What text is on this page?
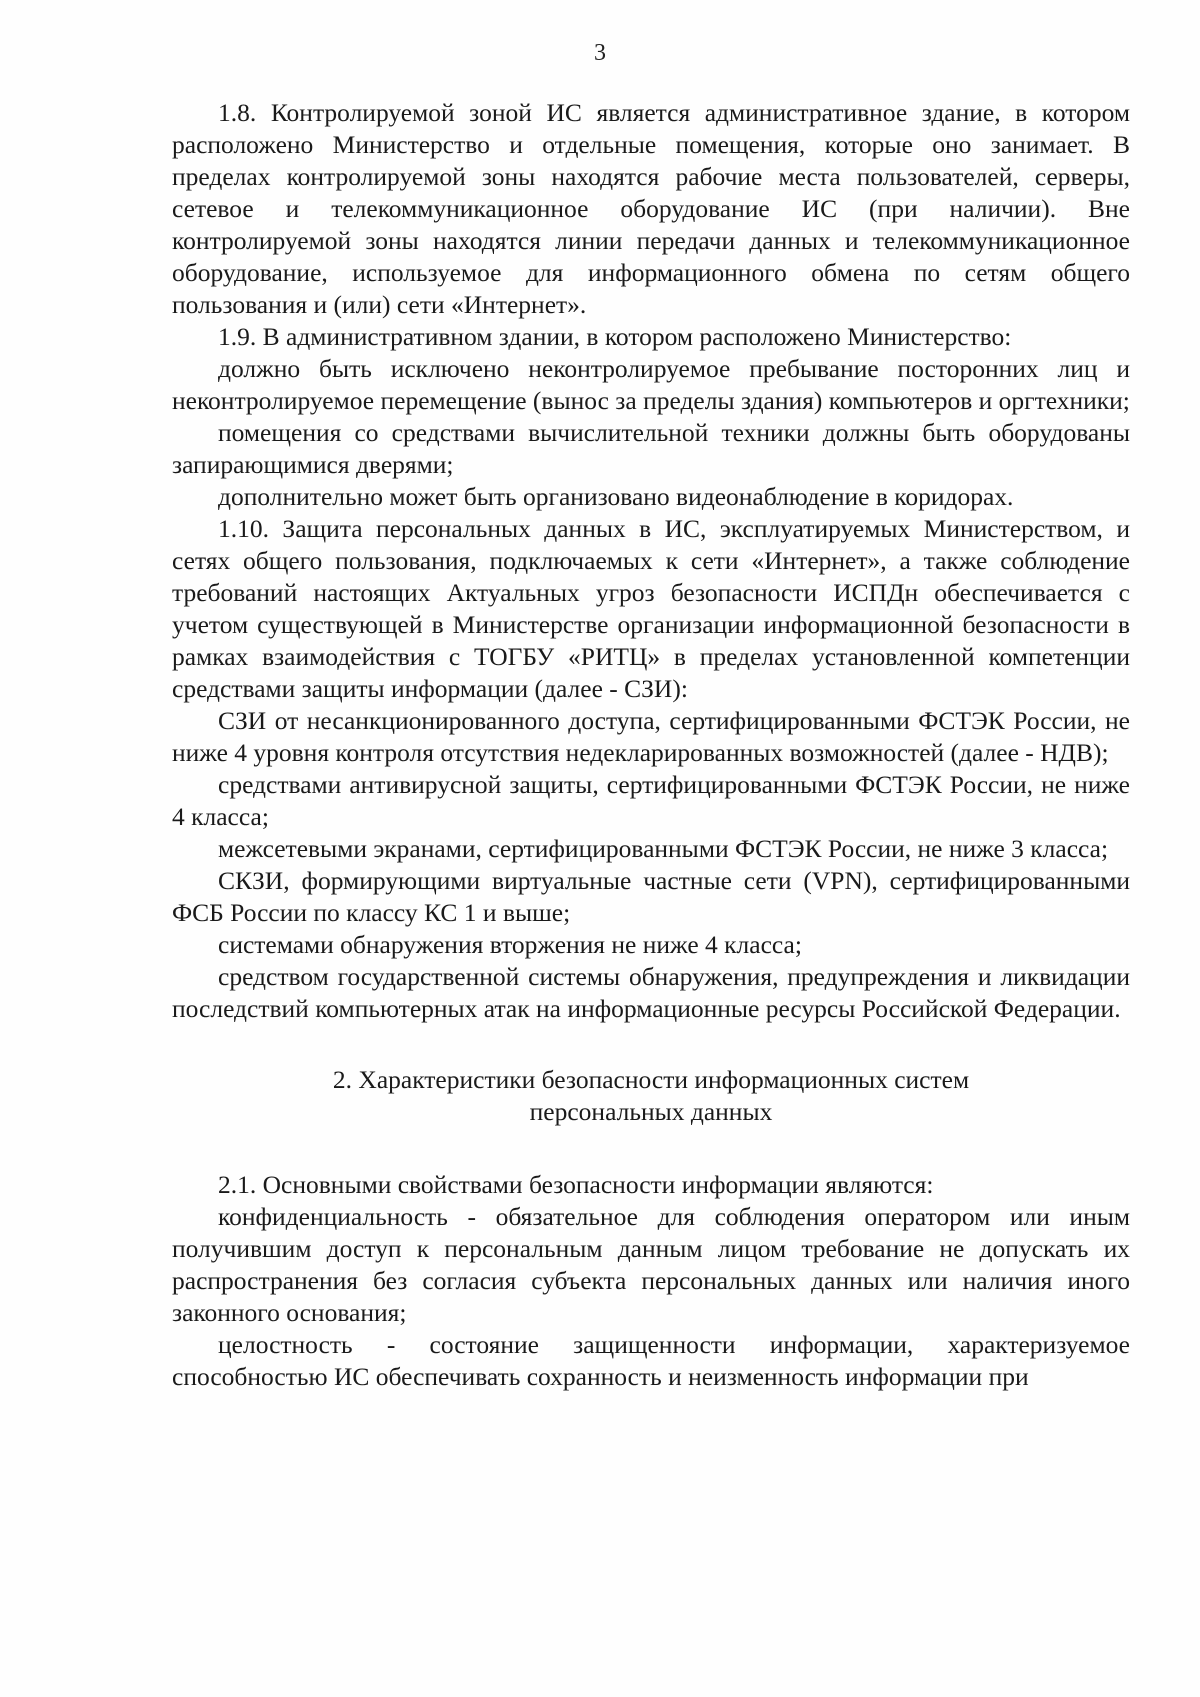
3

1.8. Контролируемой зоной ИС является административное здание, в котором расположено Министерство и отдельные помещения, которые оно занимает. В пределах контролируемой зоны находятся рабочие места пользователей, серверы, сетевое и телекоммуникационное оборудование ИС (при наличии). Вне контролируемой зоны находятся линии передачи данных и телекоммуникационное оборудование, используемое для информационного обмена по сетям общего пользования и (или) сети «Интернет».

1.9. В административном здании, в котором расположено Министерство:

должно быть исключено неконтролируемое пребывание посторонних лиц и неконтролируемое перемещение (вынос за пределы здания) компьютеров и оргтехники;

помещения со средствами вычислительной техники должны быть оборудованы запирающимися дверями;

дополнительно может быть организовано видеонаблюдение в коридорах.

1.10. Защита персональных данных в ИС, эксплуатируемых Министерством, и сетях общего пользования, подключаемых к сети «Интернет», а также соблюдение требований настоящих Актуальных угроз безопасности ИСПДн обеспечивается с учетом существующей в Министерстве организации информационной безопасности в рамках взаимодействия с ТОГБУ «РИТЦ» в пределах установленной компетенции средствами защиты информации (далее - СЗИ):

СЗИ от несанкционированного доступа, сертифицированными ФСТЭК России, не ниже 4 уровня контроля отсутствия недекларированных возможностей (далее - НДВ);

средствами антивирусной защиты, сертифицированными ФСТЭК России, не ниже 4 класса;

межсетевыми экранами, сертифицированными ФСТЭК России, не ниже 3 класса;

СКЗИ, формирующими виртуальные частные сети (VPN), сертифицированными ФСБ России по классу КС 1 и выше;

системами обнаружения вторжения не ниже 4 класса;

средством государственной системы обнаружения, предупреждения и ликвидации последствий компьютерных атак на информационные ресурсы Российской Федерации.

2. Характеристики безопасности информационных систем
персональных данных

2.1. Основными свойствами безопасности информации являются:

конфиденциальность - обязательное для соблюдения оператором или иным получившим доступ к персональным данным лицом требование не допускать их распространения без согласия субъекта персональных данных или наличия иного законного основания;

целостность - состояние защищенности информации, характеризуемое способностью ИС обеспечивать сохранность и неизменность информации при
